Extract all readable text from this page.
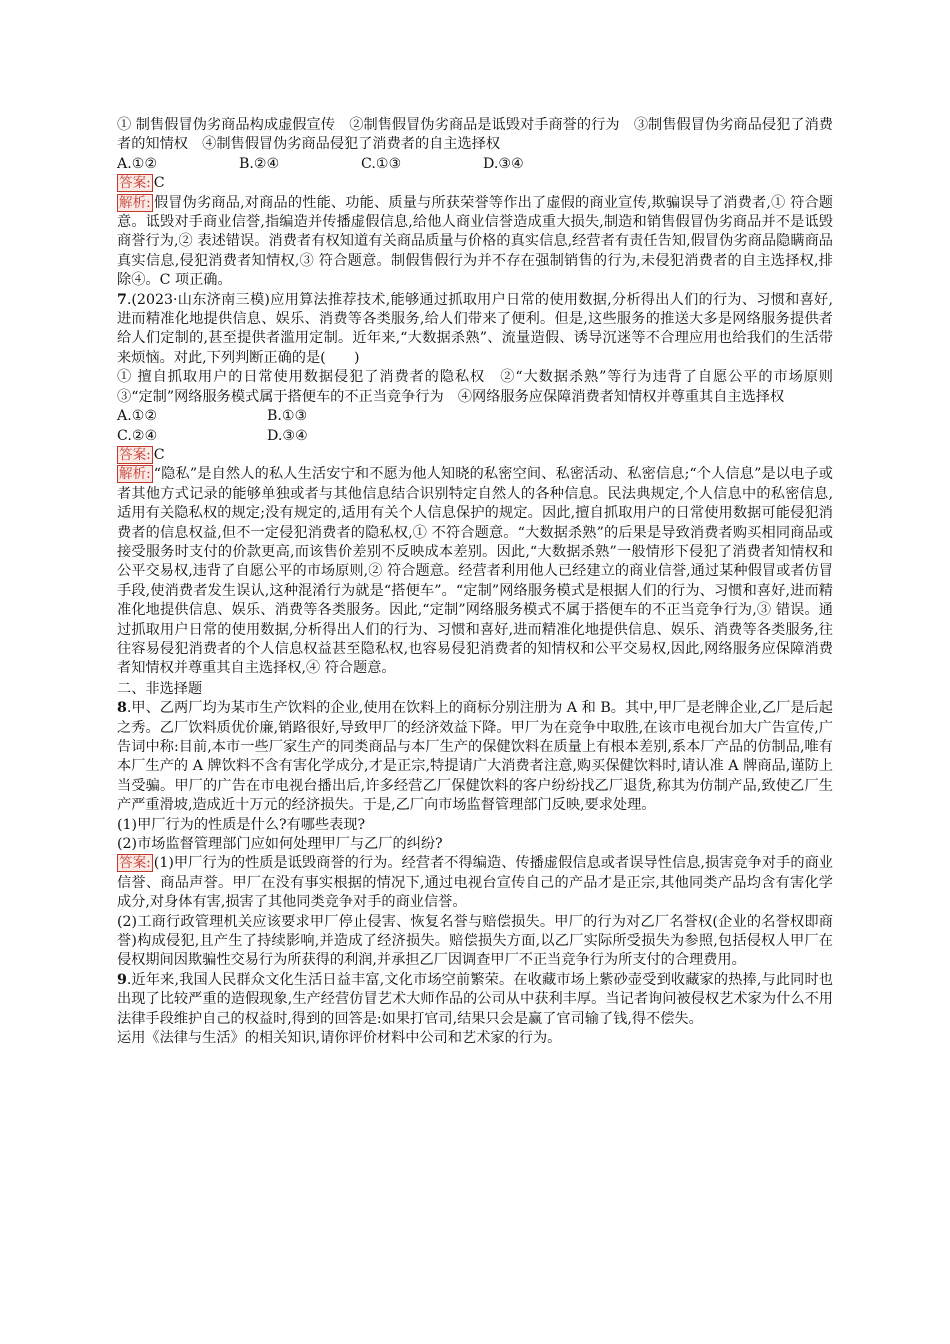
① 制售假冒伪劣商品构成虚假宣传　②制售假冒伪劣商品是诋毁对手商誉的行为　③制售假冒伪劣商品侵犯了消费者的知情权　④制售假冒伪劣商品侵犯了消费者的自主选择权

A.①②	B.②④	C.①③	D.③④

答案: C

解析: 假冒伪劣商品,对商品的性能、功能、质量与所获荣誉等作出了虚假的商业宣传,欺骗误导了消费者,① 符合题意。诋毁对手商业信誉,指编造并传播虚假信息,给他人商业信誉造成重大损失,制造和销售假冒伪劣商品并不是诋毁商誉行为,② 表述错误。消费者有权知道有关商品质量与价格的真实信息,经营者有责任告知,假冒伪劣商品隐瞒商品真实信息,侵犯消费者知情权,③ 符合题意。制假售假行为并不存在强制销售的行为,未侵犯消费者的自主选择权,排除④。C 项正确。

7.(2023·山东济南三模)应用算法推荐技术,能够通过抓取用户日常的使用数据,分析得出人们的行为、习惯和喜好,进而精准化地提供信息、娱乐、消费等各类服务,给人们带来了便利。但是,这些服务的推送大多是网络服务提供者给人们定制的,甚至提供者滥用定制。近年来,“大数据杀熟”、流量造假、诱导沉迷等不合理应用也给我们的生活带来烦恼。对此,下列判断正确的是(　　)

① 擅自抓取用户的日常使用数据侵犯了消费者的隐私权　②“大数据杀熟”等行为违背了自愿公平的市场原则　③“定制”网络服务模式属于搭便车的不正当竞争行为　④网络服务应保障消费者知情权并尊重其自主选择权

A.①②	B.①③
C.②④	D.③④

答案: C

解析: “隐私”是自然人的私人生活安宁和不愿为他人知晓的私密空间、私密活动、私密信息;“个人信息”是以电子或者其他方式记录的能够单独或者与其他信息结合识别特定自然人的各种信息。民法典规定,个人信息中的私密信息,适用有关隐私权的规定;没有规定的,适用有关个人信息保护的规定。因此,擅自抓取用户的日常使用数据可能侵犯消费者的信息权益,但不一定侵犯消费者的隐私权,① 不符合题意。“大数据杀熟”的后果是导致消费者购买相同商品或接受服务时支付的价款更高,而该售价差别不反映成本差别。因此,“大数据杀熟”一般情形下侵犯了消费者知情权和公平交易权,违背了自愿公平的市场原则,② 符合题意。经营者利用他人已经建立的商业信誉,通过某种假冒或者仿冒手段,使消费者发生误认,这种混淆行为就是“搭便车”。“定制”网络服务模式是根据人们的行为、习惯和喜好,进而精准化地提供信息、娱乐、消费等各类服务。因此,“定制”网络服务模式不属于搭便车的不正当竞争行为,③ 错误。通过抓取用户日常的使用数据,分析得出人们的行为、习惯和喜好,进而精准化地提供信息、娱乐、消费等各类服务,往往容易侵犯消费者的个人信息权益甚至隐私权,也容易侵犯消费者的知情权和公平交易权,因此,网络服务应保障消费者知情权并尊重其自主选择权,④ 符合题意。

二、非选择题

8.甲、乙两厂均为某市生产饮料的企业,使用在饮料上的商标分别注册为 A 和 B。其中,甲厂是老牌企业,乙厂是后起之秀。乙厂饮料质优价廉,销路很好,导致甲厂的经济效益下降。甲厂为在竞争中取胜,在该市电视台加大广告宣传,广告词中称:目前,本市一些厂家生产的同类商品与本厂生产的保健饮料在质量上有根本差别,系本厂产品的仿制品,唯有本厂生产的 A 牌饮料不含有害化学成分,才是正宗,特提请广大消费者注意,购买保健饮料时,请认准 A 牌商品,谨防上当受骗。甲厂的广告在市电视台播出后,许多经营乙厂保健饮料的客户纷纷找乙厂退货,称其为仿制产品,致使乙厂生产严重滑坡,造成近十万元的经济损失。于是,乙厂向市场监督管理部门反映,要求处理。

(1)甲厂行为的性质是什么?有哪些表现?

(2)市场监督管理部门应如何处理甲厂与乙厂的纠纷?

答案: (1)甲厂行为的性质是诋毁商誉的行为。经营者不得编造、传播虚假信息或者误导性信息,损害竞争对手的商业信誉、商品声誉。甲厂在没有事实根据的情况下,通过电视台宣传自己的产品才是正宗,其他同类产品均含有害化学成分,对身体有害,损害了其他同类竞争对手的商业信誉。

(2)工商行政管理机关应该要求甲厂停止侵害、恢复名誉与赔偿损失。甲厂的行为对乙厂名誉权(企业的名誉权即商誉)构成侵犯,且产生了持续影响,并造成了经济损失。赔偿损失方面,以乙厂实际所受损失为参照,包括侵权人甲厂在侵权期间因欺骗性交易行为所获得的利润,并承担乙厂因调查甲厂不正当竞争行为所支付的合理费用。

9.近年来,我国人民群众文化生活日益丰富,文化市场空前繁荣。在收藏市场上紫砂壶受到收藏家的热捧,与此同时也出现了比较严重的造假现象,生产经营仿冒艺术大师作品的公司从中获利丰厚。当记者询问被侵权艺术家为什么不用法律手段维护自己的权益时,得到的回答是:如果打官司,结果只会是赢了官司输了钱,得不偿失。

运用《法律与生活》的相关知识,请你评价材料中公司和艺术家的行为。
